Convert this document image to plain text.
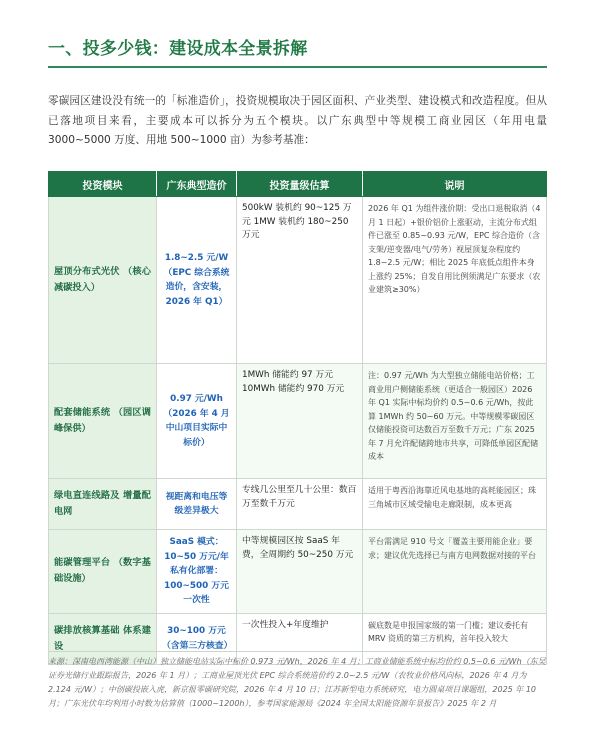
一、投多少钱：建设成本全景拆解
零碳园区建设没有统一的「标准造价」，投资规模取决于园区面积、产业类型、建设模式和改造程度。但从已落地项目来看，主要成本可以拆分为五个模块。以广东典型中等规模工商业园区（年用电量 3000~5000 万度、用地 500~1000 亩）为参考基准：
投资模块	广东典型造价	投资量级估算	说明
屋顶分布式光伏 （核心减碳投入）	1.8~2.5 元/W （EPC 综合系统造价，含安装，2026 年 Q1）	500kW 装机约 90~125 万元 1MW 装机约 180~250 万元	2026 年 Q1 为组件涨价期：受出口退税取消（4月 1 日起）+银价铝价上涨驱动，主流分布式组件已涨至 0.85~0.93 元/W，EPC 综合造价（含支架/逆变器/电气/劳务）视屋顶复杂程度约 1.8~2.5 元/W；相比 2025 年底低点组件本身上涨约 25%；自发自用比例须满足广东要求（农业建筑≥30%）
配套储能系统 （园区调峰保供）	0.97 元/Wh （2026 年 4 月中山项目实际中标价）	1MWh 储能约 97 万元 10MWh 储能约 970 万元	注：0.97 元/Wh 为大型独立储能电站价格；工商业用户侧储能系统（更适合一般园区）2026 年 Q1 实际中标均价约 0.5~0.6 元/Wh，按此算 1MWh 约 50~60 万元。中等规模零碳园区仅储能投资可达数百万至数千万元；广东 2025 年 7 月允许配储跨地市共享，可降低单园区配储成本
绿电直连线路及 增量配电网	视距离和电压等级差异极大	专线几公里至几十公里：数百万至数千万元	适用于粤西沿海靠近风电基地的高耗能园区；珠三角城市区域受输电走廊限制，成本更高
能碳管理平台 （数字基础设施）	SaaS 模式：10~50 万元/年 私有化部署：100~500 万元一次性	中等规模园区按 SaaS 年费，全周期约 50~250 万元	平台需满足 910 号文「覆盖主要用能企业」要求；建议优先选择已与南方电网数据对接的平台
碳排放核算基础 体系建设	30~100 万元（含第三方核查）	一次性投入+年度维护	碳底数是申报国家级的第一门槛；建议委托有 MRV 资质的第三方机构，首年投入较大
来源：深南电西湾能源（中山）独立储能电站实际中标价 0.973 元/Wh，2026 年 4 月；工商业储能系统中标均价约 0.5~0.6 元/Wh（东吴证券光储行业跟踪报告，2026 年 1 月）；工商业屋顶光伏 EPC 综合系统造价约 2.0~2.5 元/W（农牧业价格风向标，2026 年 4 月为 2.124 元/W）；中创碳投嵌入虎，新京报零碳研究院，2026 年 4 月 10 日；江苏新型电力系统研究，电力圆桌项目课题组，2025 年 10 月；广东光伏年均利用小时数为估算值（1000~1200h），参考国家能源局《2024 年全国太阳能资源年景报告》2025 年 2 月
